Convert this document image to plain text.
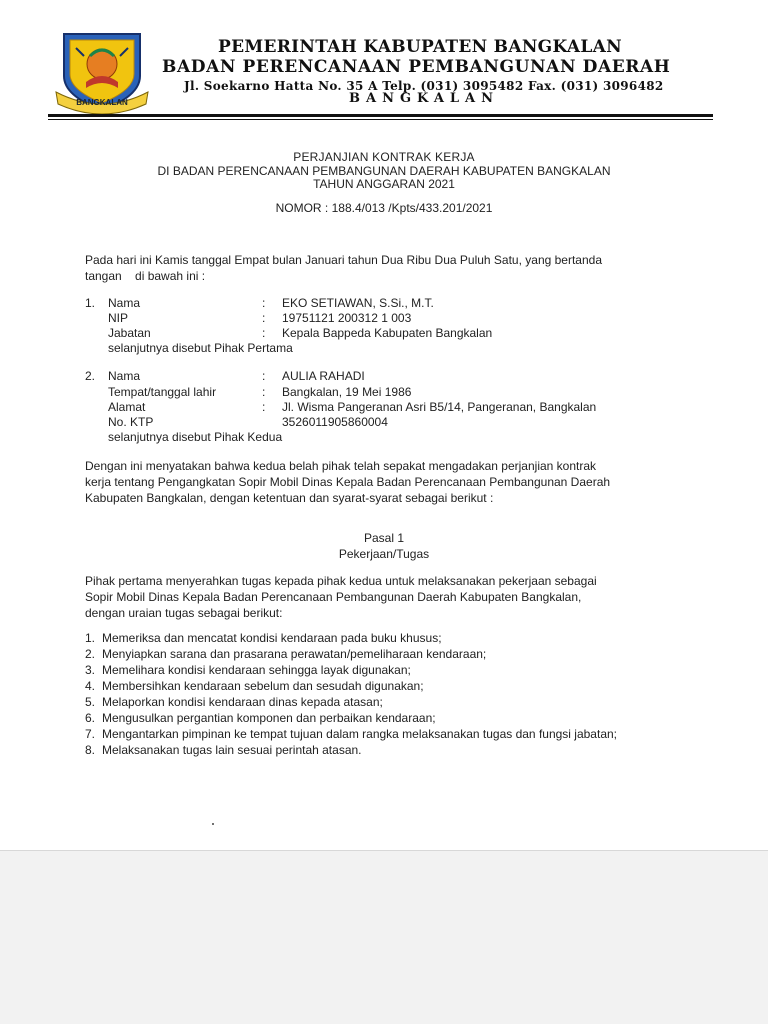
BANGKALAN
PEMERINTAH KABUPATEN BANGKALAN
BADAN PERENCANAAN PEMBANGUNAN DAERAH
Jl. Soekarno Hatta No. 35 A Telp. (031) 3095482 Fax. (031) 3096482
BANGKALAN
PERJANJIAN KONTRAK KERJA
DI BADAN PERENCANAAN PEMBANGUNAN DAERAH KABUPATEN BANGKALAN
TAHUN ANGGARAN 2021
NOMOR : 188.4/013 /Kpts/433.201/2021
Pada hari ini Kamis tanggal Empat bulan Januari tahun Dua Ribu Dua Puluh Satu, yang bertanda
tangan    di bawah ini :
1. Nama	: EKO SETIAWAN, S.Si., M.T.
NIP	: 19751121 200312 1 003
Jabatan	: Kepala Bappeda Kabupaten Bangkalan
selanjutnya disebut Pihak Pertama
2. Nama	: AULIA RAHADI
Tempat/tanggal lahir	: Bangkalan, 19 Mei 1986
Alamat	: Jl. Wisma Pangeranan Asri B5/14, Pangeranan, Bangkalan
No. KTP	3526011905860004
selanjutnya disebut Pihak Kedua
Dengan ini menyatakan bahwa kedua belah pihak telah sepakat mengadakan perjanjian kontrak
kerja tentang Pengangkatan Sopir Mobil Dinas Kepala Badan Perencanaan Pembangunan Daerah
Kabupaten Bangkalan, dengan ketentuan dan syarat-syarat sebagai berikut :
Pasal 1
Pekerjaan/Tugas
Pihak pertama menyerahkan tugas kepada pihak kedua untuk melaksanakan pekerjaan sebagai
Sopir Mobil Dinas Kepala Badan Perencanaan Pembangunan Daerah Kabupaten Bangkalan,
dengan uraian tugas sebagai berikut:
1. Memeriksa dan mencatat kondisi kendaraan pada buku khusus;
2. Menyiapkan sarana dan prasarana perawatan/pemeliharaan kendaraan;
3. Memelihara kondisi kendaraan sehingga layak digunakan;
4. Membersihkan kendaraan sebelum dan sesudah digunakan;
5. Melaporkan kondisi kendaraan dinas kepada atasan;
6. Mengusulkan pergantian komponen dan perbaikan kendaraan;
7. Mengantarkan pimpinan ke tempat tujuan dalam rangka melaksanakan tugas dan fungsi jabatan;
8. Melaksanakan tugas lain sesuai perintah atasan.
